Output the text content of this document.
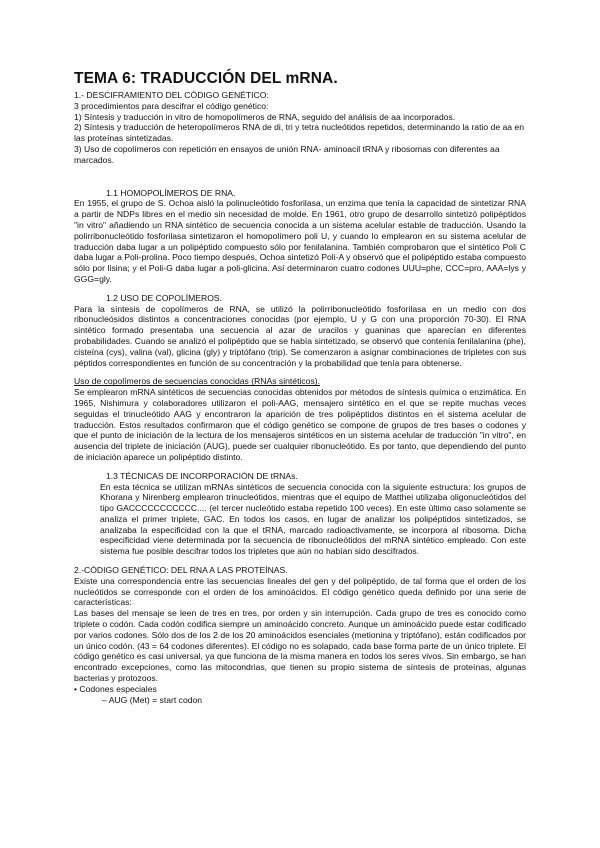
TEMA 6: TRADUCCIÓN DEL mRNA.
1.- DESCIFRAMIENTO DEL CÓDIGO GENÉTICO:
3 procedimientos para descifrar el código genético:
1) Síntesis y traducción in vitro de homopolímeros de RNA, seguido del análisis de aa incorporados.
2) Síntesis y traducción de heteropolímeros RNA de di, tri y tetra nucleótidos repetidos, determinando la ratio de aa en las proteínas sintetizadas.
3) Uso de copolímeros con repetición en ensayos de unión RNA- aminoacil tRNA y ribosomas con diferentes aa marcados.
1.1 HOMOPOLÍMEROS DE RNA.
En 1955, el grupo de S. Ochoa aisló la polinucleótido fosforilasa, un enzima que tenía la capacidad de sintetizar RNA a partir de NDPs libres en el medio sin necesidad de molde. En 1961, otro grupo de desarrollo sintetizó polipéptidos "in vitro" añadiendo un RNA sintético de secuencia conocida a un sistema acelular estable de traducción. Usando la polirribonucleótido fosforilasa sintetizaron el homopolímero poli U, y cuando lo emplearon en su sistema acelular de traducción daba lugar a un polipéptido compuesto sólo por fenilalanina. También comprobaron que el sintético Poli C daba lugar a Poli-prolina. Poco tiempo después, Ochoa sintetizó Poli-A y observó que el polipéptido estaba compuesto sólo por lisina; y el Poli-G daba lugar a poli-glicina. Así determinaron cuatro codones UUU=phe, CCC=pro, AAA=lys y GGG=gly.
1.2 USO DE COPOLÍMEROS.
Para la síntesis de copolímeros de RNA, se utilizó la polirribonucleótido fosforilasa en un medio con dos ribonucleósidos distintos a concentraciones conocidas (por ejemplo, U y G con una proporción 70-30). El RNA sintético formado presentaba una secuencia al azar de uracilos y guaninas que aparecían en diferentes probabilidades. Cuando se analizó el polipéptido que se había sintetizado, se observó que contenía fenilalanina (phe), cisteína (cys), valina (val), glicina (gly) y triptófano (trip). Se comenzaron a asignar combinaciones de tripletes con sus péptidos correspondientes en función de su concentración y la probabilidad que tenía para obtenerse.
Uso de copolímeros de secuencias conocidas (RNAs sintéticos).
Se emplearon mRNA sintéticos de secuencias conocidas obtenidos por métodos de síntesis química o enzimática. En 1965, Nishimura y colaboradores utilizaron el poli-AAG, mensajero sintético en el que se repite muchas veces seguidas el trinucleótido AAG y encontraron la aparición de tres polipéptidos distintos en el sistema acelular de traducción. Estos resultados confirmaron que el código genético se compone de grupos de tres bases o codones y que el punto de iniciación de la lectura de los mensajeros sintéticos en un sistema acelular de traducción "in vitro", en ausencia del triplete de iniciación (AUG), puede ser cualquier ribonucleótido. Es por tanto, que dependiendo del punto de iniciación aparece un polipéptido distinto.
1.3 TÉCNICAS DE INCORPORACIÓN DE tRNAs.
En esta técnica se utilizan mRNAs sintéticos de secuencia conocida con la siguiente estructura: los grupos de Khorana y Nirenberg emplearon trinucleótidos, mientras que el equipo de Matthei utilizaba oligonucleótidos del tipo GACCCCCCCCCCC.... (el tercer nucleótido estaba repetido 100 veces). En este último caso solamente se analiza el primer triplete, GAC. En todos los casos, en lugar de analizar los polipéptidos sintetizados, se analizaba la especificidad con la que el tRNA, marcado radioactivamente, se incorpora al ribosoma. Dicha especificidad viene determinada por la secuencia de ribonucleótidos del mRNA sintético empleado. Con este sistema fue posible descifrar todos los tripletes que aún no habían sido descifrados.
2.-CÓDIGO GENÉTICO: DEL RNA A LAS PROTEÍNAS.
Existe una correspondencia entre las secuencias lineales del gen y del polipéptido, de tal forma que el orden de los nucleótidos se corresponde con el orden de los aminoácidos. El código genético queda definido por una serie de características:
Las bases del mensaje se leen de tres en tres, por orden y sin interrupción. Cada grupo de tres es conocido como triplete o codón. Cada codón codifica siempre un aminoácido concreto. Aunque un aminoácido puede estar codificado por varios codones. Sólo dos de los 2 de los 20 aminoácidos esenciales (metionina y triptófano), están codificados por un único codón. (43 = 64 codones diferentes). El código no es solapado, cada base forma parte de un único triplete. El código genético es casi universal, ya que funciona de la misma manera en todos los seres vivos. Sin embargo, se han encontrado excepciones, como las mitocondrias, que tienen su propio sistema de síntesis de proteínas, algunas bacterias y protozoos.
• Codones especiales
– AUG (Met) = start codon
